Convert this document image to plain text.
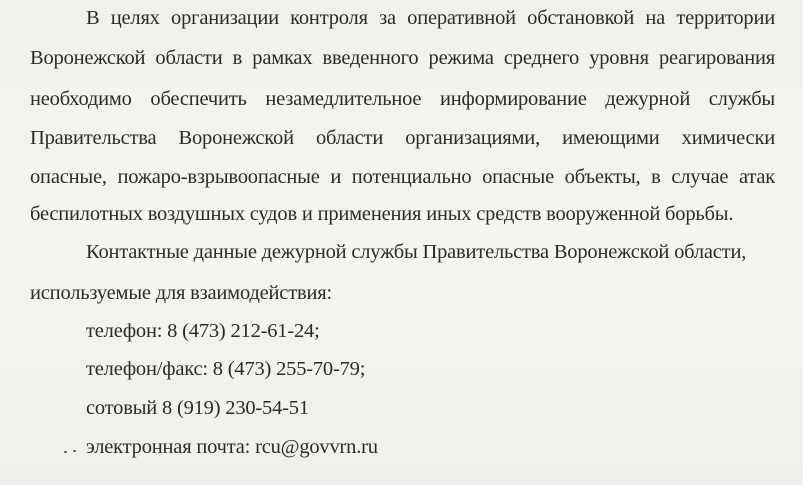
В целях организации контроля за оперативной обстановкой на территории
Воронежской области в рамках введенного режима среднего уровня реагирования
необходимо обеспечить незамедлительное информирование дежурной службы
Правительства Воронежской области организациями, имеющими химически
опасные, пожаро-взрывоопасные и потенциально опасные объекты, в случае атак
беспилотных воздушных судов и применения иных средств вооруженной борьбы.
Контактные данные дежурной службы Правительства Воронежской области,
используемые для взаимодействия:
телефон: 8 (473) 212-61-24;
телефон/факс: 8 (473) 255-70-79;
сотовый 8 (919) 230-54-51
электронная почта: rcu@govvrn.ru
